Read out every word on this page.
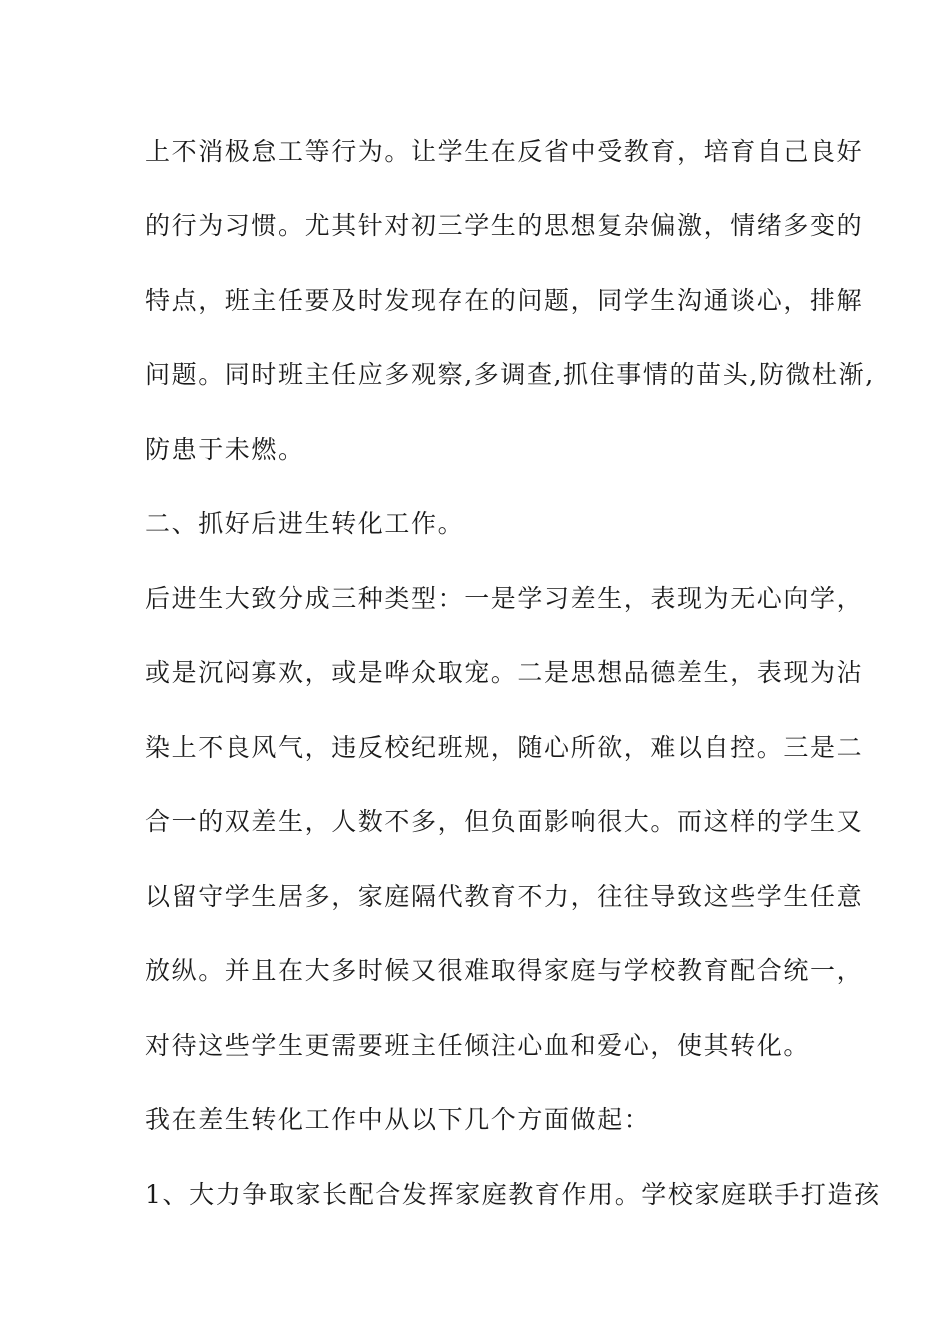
上不消极怠工等行为。让学生在反省中受教育，培育自己良好
的行为习惯。尤其针对初三学生的思想复杂偏激，情绪多变的
特点，班主任要及时发现存在的问题，同学生沟通谈心，排解
问题。同时班主任应多观察,多调查,抓住事情的苗头,防微杜渐,
防患于未燃。
二、抓好后进生转化工作。
后进生大致分成三种类型：一是学习差生，表现为无心向学，
或是沉闷寡欢，或是哗众取宠。二是思想品德差生，表现为沾
染上不良风气，违反校纪班规，随心所欲，难以自控。三是二
合一的双差生，人数不多，但负面影响很大。而这样的学生又
以留守学生居多，家庭隔代教育不力，往往导致这些学生任意
放纵。并且在大多时候又很难取得家庭与学校教育配合统一，
对待这些学生更需要班主任倾注心血和爱心，使其转化。
我在差生转化工作中从以下几个方面做起：
1、大力争取家长配合发挥家庭教育作用。学校家庭联手打造孩
